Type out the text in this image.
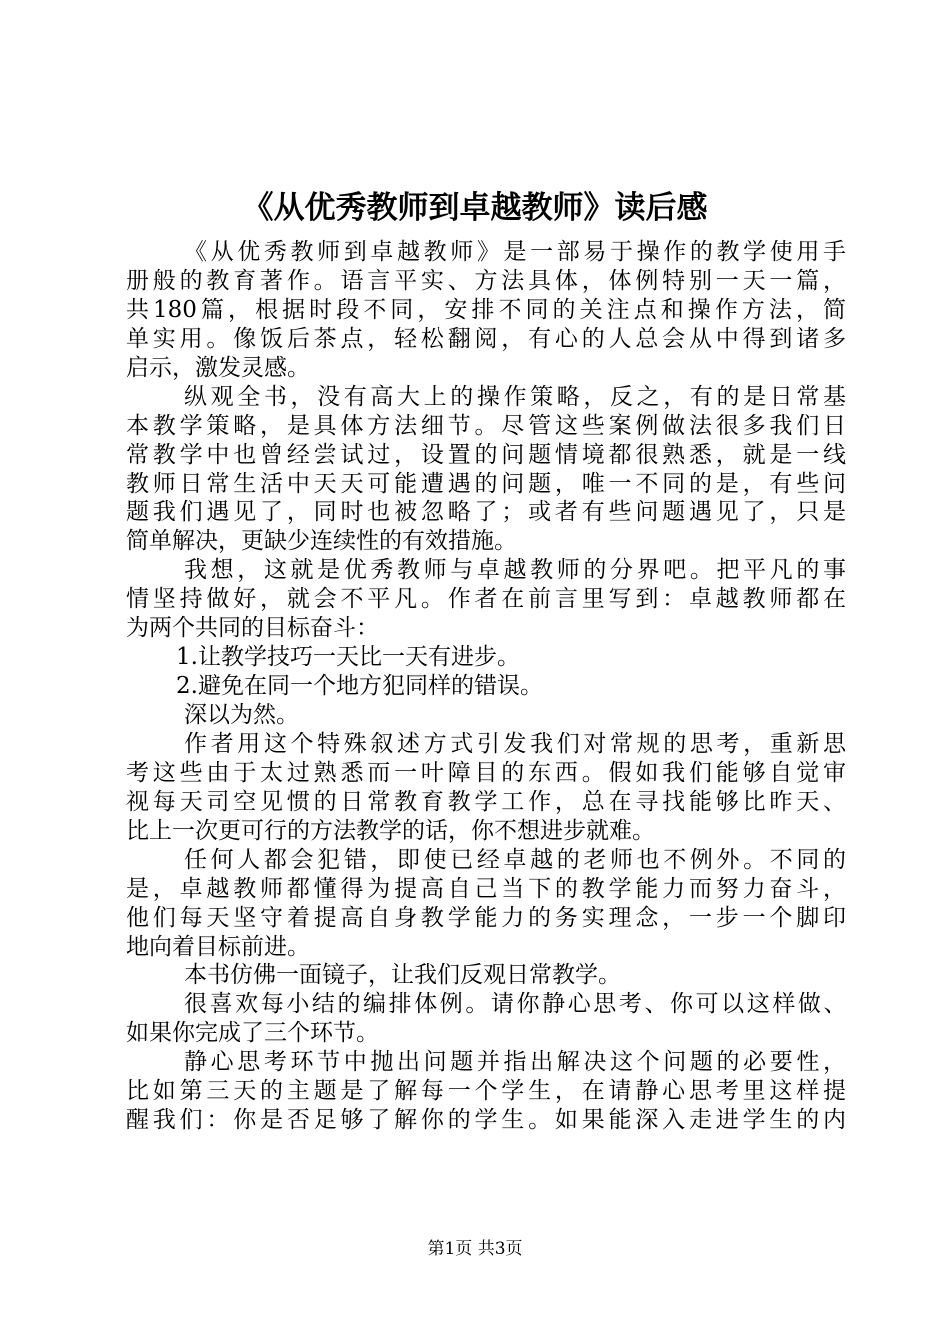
《从优秀教师到卓越教师》读后感
《从优秀教师到卓越教师》是一部易于操作的教学使用手
册般的教育著作。语言平实、方法具体，体例特别一天一篇，
共180篇，根据时段不同，安排不同的关注点和操作方法，简
单实用。像饭后茶点，轻松翻阅，有心的人总会从中得到诸多
启示，激发灵感。
纵观全书，没有高大上的操作策略，反之，有的是日常基
本教学策略，是具体方法细节。尽管这些案例做法很多我们日
常教学中也曾经尝试过，设置的问题情境都很熟悉，就是一线
教师日常生活中天天可能遭遇的问题，唯一不同的是，有些问
题我们遇见了，同时也被忽略了；或者有些问题遇见了，只是
简单解决，更缺少连续性的有效措施。
我想，这就是优秀教师与卓越教师的分界吧。把平凡的事
情坚持做好，就会不平凡。作者在前言里写到：卓越教师都在
为两个共同的目标奋斗：
1.让教学技巧一天比一天有进步。
2.避免在同一个地方犯同样的错误。
深以为然。
作者用这个特殊叙述方式引发我们对常规的思考，重新思
考这些由于太过熟悉而一叶障目的东西。假如我们能够自觉审
视每天司空见惯的日常教育教学工作，总在寻找能够比昨天、
比上一次更可行的方法教学的话，你不想进步就难。
任何人都会犯错，即使已经卓越的老师也不例外。不同的
是，卓越教师都懂得为提高自己当下的教学能力而努力奋斗，
他们每天坚守着提高自身教学能力的务实理念，一步一个脚印
地向着目标前进。
本书仿佛一面镜子，让我们反观日常教学。
很喜欢每小结的编排体例。请你静心思考、你可以这样做、
如果你完成了三个环节。
静心思考环节中抛出问题并指出解决这个问题的必要性，
比如第三天的主题是了解每一个学生，在请静心思考里这样提
醒我们：你是否足够了解你的学生。如果能深入走进学生的内
第1页 共3页
